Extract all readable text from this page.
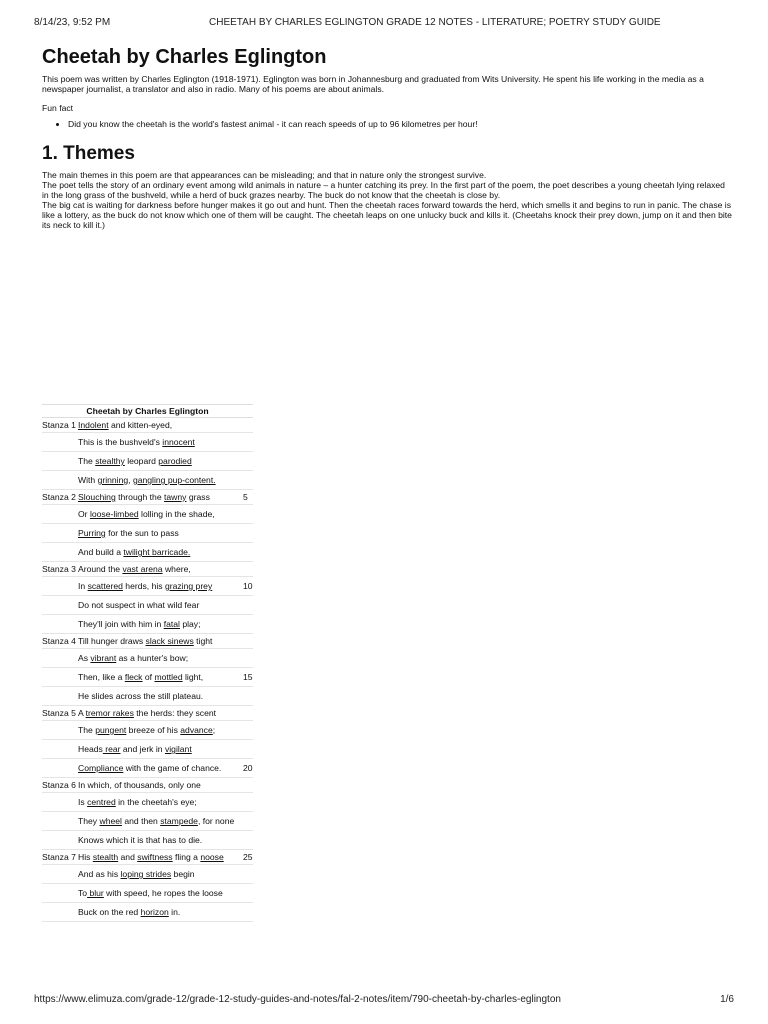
8/14/23, 9:52 PM	CHEETAH BY CHARLES EGLINGTON GRADE 12 NOTES - LITERATURE; POETRY STUDY GUIDE
Cheetah by Charles Eglington

This poem was written by Charles Eglington (1918-1971). Eglington was born in Johannesburg and graduated from Wits University. He spent his life working in the media as a newspaper journalist, a translator and also in radio. Many of his poems are about animals.

Fun fact

• Did you know the cheetah is the world's fastest animal - it can reach speeds of up to 96 kilometres per hour!
1. Themes

The main themes in this poem are that appearances can be misleading; and that in nature only the strongest survive.

The poet tells the story of an ordinary event among wild animals in nature – a hunter catching its prey. In the first part of the poem, the poet describes a young cheetah lying relaxed in the long grass of the bushveld, while a herd of buck grazes nearby. The buck do not know that the cheetah is close by.

The big cat is waiting for darkness before hunger makes it go out and hunt. Then the cheetah races forward towards the herd, which smells it and begins to run in panic. The chase is like a lottery, as the buck do not know which one of them will be caught. The cheetah leaps on one unlucky buck and kills it. (Cheetahs knock their prey down, jump on it and then bite its neck to kill it.)

Cheetah by Charles Eglington
Stanza 1 Indolent and kitten-eyed,
This is the bushveld's innocent
The stealthy leopard parodied
With grinning, gangling pup-content.
Stanza 2 Slouching through the tawny grass	5
Or loose-limbed lolling in the shade,
Purring for the sun to pass
And build a twilight barricade.
Stanza 3 Around the vast arena where,
In scattered herds, his grazing prey	10
Do not suspect in what wild fear
They'll join with him in fatal play;
Stanza 4 Till hunger draws slack sinews tight
As vibrant as a hunter's bow;
Then, like a fleck of mottled light,	15
He slides across the still plateau.
Stanza 5 A tremor rakes the herds: they scent
The pungent breeze of his advance;
Heads rear and jerk in vigilant
Compliance with the game of chance.	20
Stanza 6 In which, of thousands, only one
Is centred in the cheetah's eye;
They wheel and then stampede, for none
Knows which it is that has to die.
Stanza 7 His stealth and swiftness fling a noose 25
And as his loping strides begin
To blur with speed, he ropes the loose
Buck on the red horizon in.
https://www.elimuza.com/grade-12/grade-12-study-guides-and-notes/fal-2-notes/item/790-cheetah-by-charles-eglington	1/6
